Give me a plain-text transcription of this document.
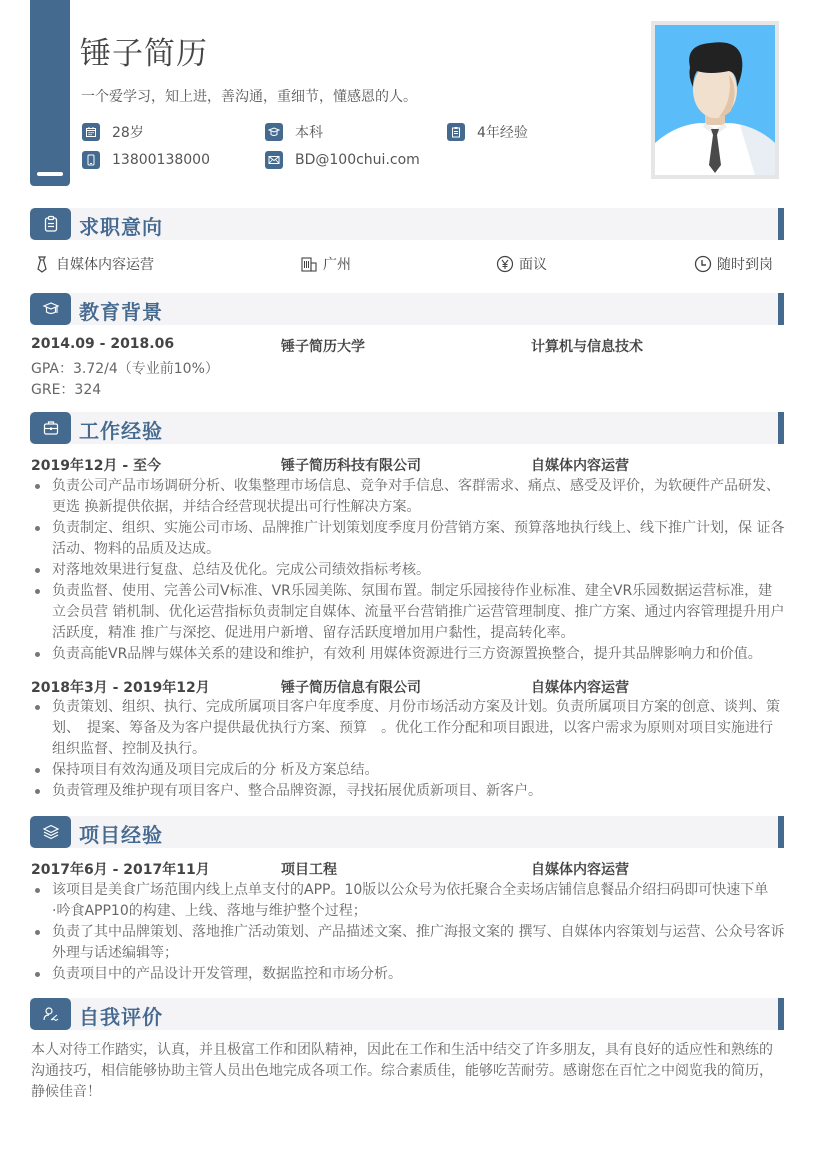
锤子简历
一个爱学习，知上进，善沟通，重细节，懂感恩的人。
28岁	本科	4年经验
13800138000	BD@100chui.com
求职意向
自媒体内容运营	广州	面议	随时到岗
教育背景
2014.09 - 2018.06	锤子简历大学	计算机与信息技术
GPA：3.72/4（专业前10%）
GRE：324
工作经验
2019年12月 - 至今	锤子简历科技有限公司	自媒体内容运营
负责公司产品市场调研分析、收集整理市场信息、竞争对手信息、客群需求、痛点、感受及评价，为软硬件产品研发、更选 换新提供依据，并结合经营现状提出可行性解决方案。
负责制定、组织、实施公司市场、品牌推广计划策划度季度月份营销方案、预算落地执行线上、线下推广计划，保 证各活动、物料的品质及达成。
对落地效果进行复盘、总结及优化。完成公司绩效指标考核。
负责监督、使用、完善公司V标准、VR乐园美陈、氛围布置。制定乐园接待作业标准、建全VR乐园数据运营标准，建立会员营 销机制、优化运营指标负责制定自媒体、流量平台营销推广运营管理制度、推广方案、通过内容管理提升用户活跃度，精准 推广与深挖、促进用户新增、留存活跃度增加用户黏性，提高转化率。
负责高能VR品牌与媒体关系的建设和维护，有效利 用媒体资源进行三方资源置换整合，提升其品牌影响力和价值。
2018年3月 - 2019年12月	锤子简历信息有限公司	自媒体内容运营
负责策划、组织、执行、完成所属项目客户年度季度、月份市场活动方案及计划。负责所属项目方案的创意、谈判、策划、　提案、筹备及为客户提供最优执行方案、预算　。优化工作分配和项目跟进，以客户需求为原则对项目实施进行组织监督、控制及执行。
保持项目有效沟通及项目完成后的分 析及方案总结。
负责管理及维护现有项目客户、整合品牌资源，寻找拓展优质新项目、新客户。
项目经验
2017年6月 - 2017年11月	项目工程	自媒体内容运营
该项目是美食广场范围内线上点单支付的APP。10版以公众号为依托聚合全卖场店铺信息餐品介绍扫码即可快速下单　·吟食APP10的构建、上线、落地与维护整个过程；
负责了其中品牌策划、落地推广活动策划、产品描述文案、推广海报文案的 撰写、自媒体内容策划与运营、公众号客诉外理与话述编辑等；
负责项目中的产品设计开发管理，数据监控和市场分析。
自我评价
本人对待工作踏实，认真，并且极富工作和团队精神，因此在工作和生活中结交了许多朋友，具有良好的适应性和熟练的沟通技巧，相信能够协助主管人员出色地完成各项工作。综合素质佳，能够吃苦耐劳。感谢您在百忙之中阅览我的简历，静候佳音！
